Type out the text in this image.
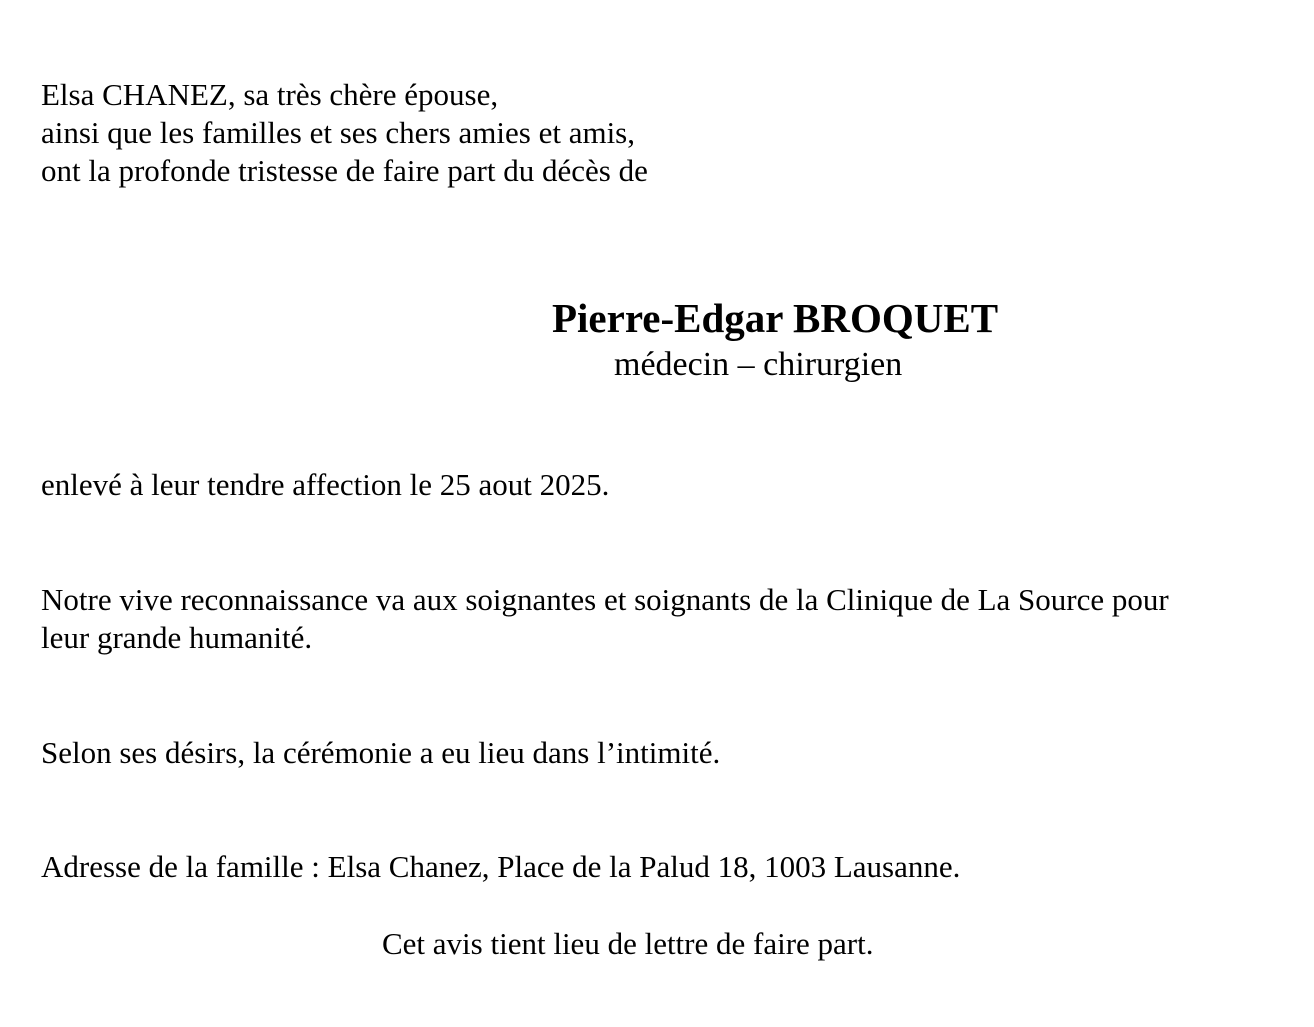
Elsa CHANEZ, sa très chère épouse,
ainsi que les familles et ses chers amies et amis,
ont la profonde tristesse de faire part du décès de
Pierre-Edgar BROQUET
médecin – chirurgien
enlevé à leur tendre affection le 25 aout 2025.
Notre vive reconnaissance va aux soignantes et soignants de la Clinique de La Source pour
leur grande humanité.
Selon ses désirs, la cérémonie a eu lieu dans l’intimité.
Adresse de la famille : Elsa Chanez, Place de la Palud 18, 1003 Lausanne.
Cet avis tient lieu de lettre de faire part.
